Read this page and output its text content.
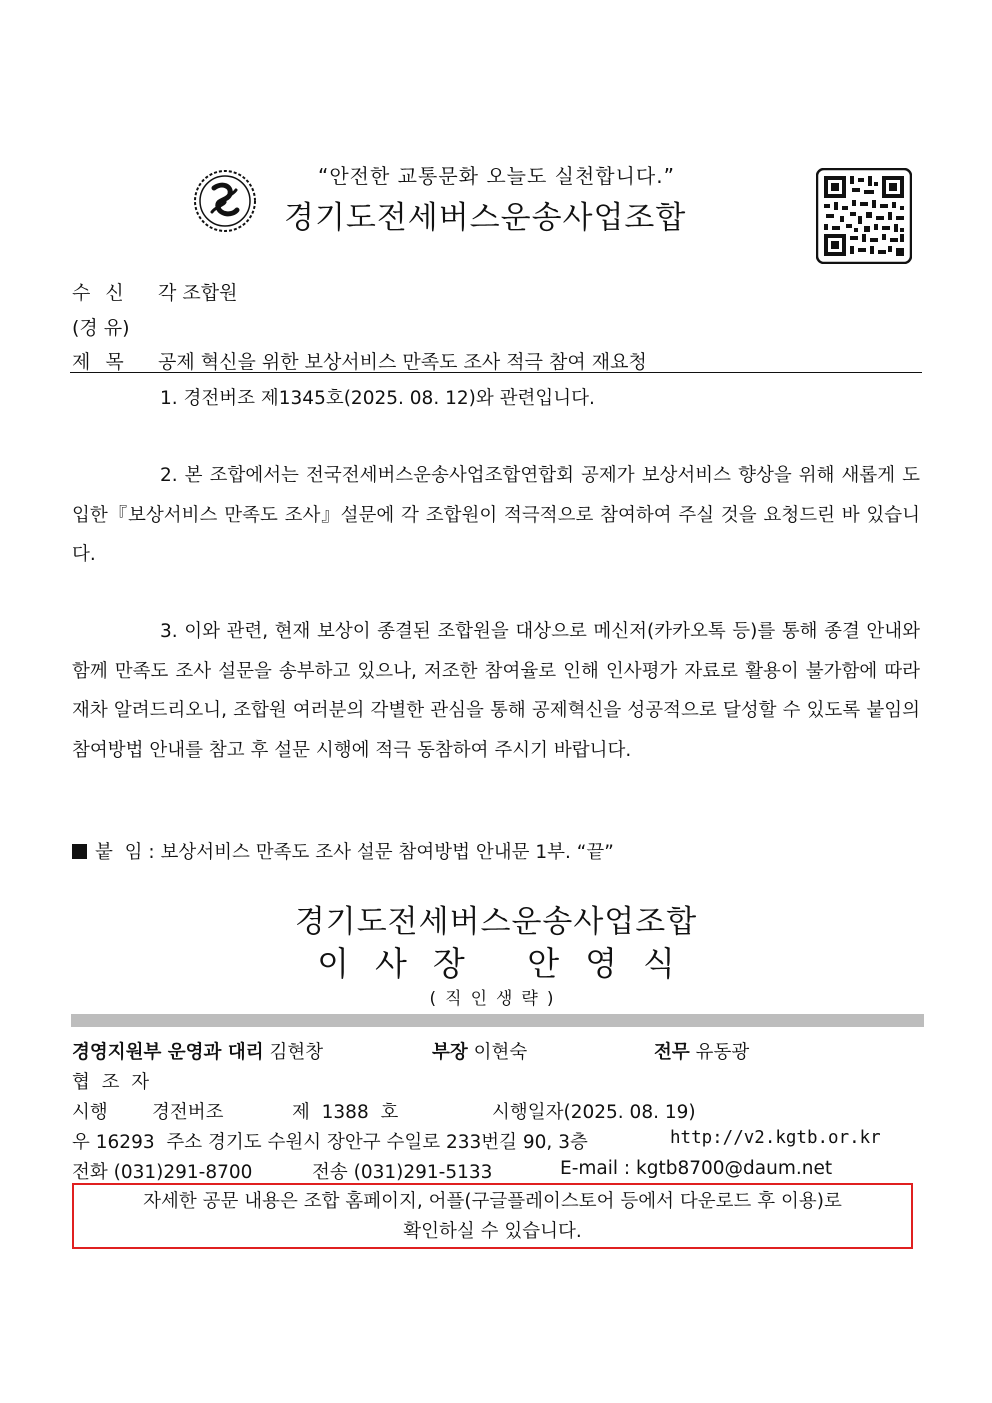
“안전한 교통문화 오늘도 실천합니다.”
경기도전세버스운송사업조합
수  신 각 조합원
(경 유)
제  목 공제 혁신을 위한 보상서비스 만족도 조사 적극 참여 재요청
1. 경전버조 제1345호(2025. 08. 12)와 관련입니다.
2. 본 조합에서는 전국전세버스운송사업조합연합회 공제가 보상서비스 향상을 위해 새롭게 도입한『보상서비스 만족도 조사』설문에 각 조합원이 적극적으로 참여하여 주실 것을 요청드린 바 있습니다.
3. 이와 관련, 현재 보상이 종결된 조합원을 대상으로 메신저(카카오톡 등)를 통해 종결 안내와 함께 만족도 조사 설문을 송부하고 있으나, 저조한 참여율로 인해 인사평가 자료로 활용이 불가함에 따라 재차 알려드리오니, 조합원 여러분의 각별한 관심을 통해 공제혁신을 성공적으로 달성할 수 있도록 붙임의 참여방법 안내를 참고 후 설문 시행에 적극 동참하여 주시기 바랍니다.
붙  임 : 보상서비스 만족도 조사 설문 참여방법 안내문 1부. “끝”
경기도전세버스운송사업조합
이사장 안영식
(직인생략)
경영지원부 운영과 대리 김현창	부장 이현숙	전무 유동광
협  조  자
시행 경전버조	제  1388  호	시행일자(2025. 08. 19)
우 16293  주소 경기도 수원시 장안구 수일로 233번길 90, 3층	http://v2.kgtb.or.kr
전화 (031)291-8700	전송 (031)291-5133	E-mail : kgtb8700@daum.net
자세한 공문 내용은 조합 홈페이지, 어플(구글플레이스토어 등에서 다운로드 후 이용)로
확인하실 수 있습니다.
